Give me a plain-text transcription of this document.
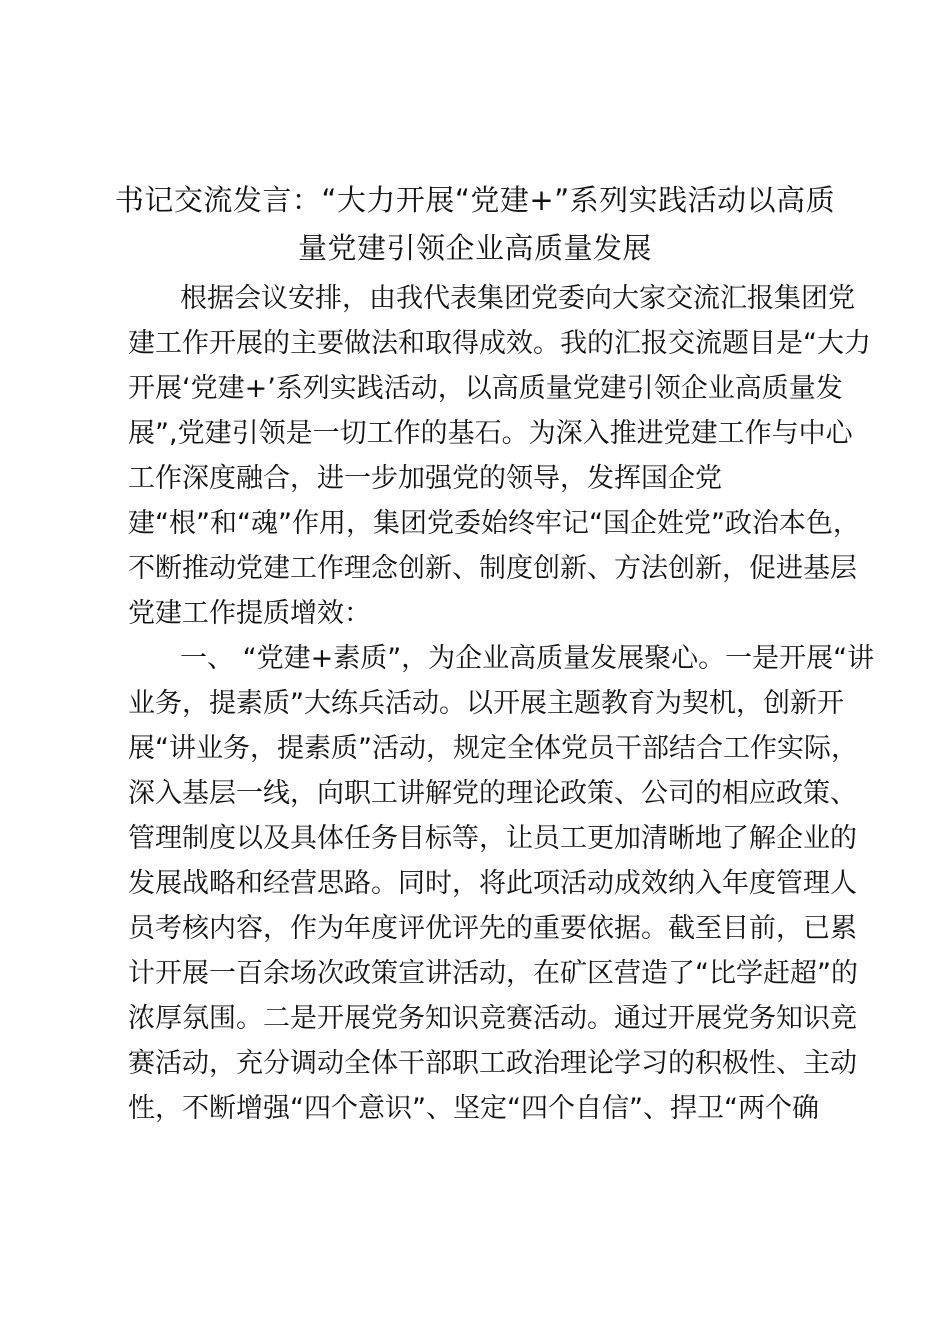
书记交流发言：“大力开展“党建+”系列实践活动以高质
量党建引领企业高质量发展
根据会议安排，由我代表集团党委向大家交流汇报集团党
建工作开展的主要做法和取得成效。我的汇报交流题目是“大力
开展‘党建+’系列实践活动，以高质量党建引领企业高质量发
展”,党建引领是一切工作的基石。为深入推进党建工作与中心
工作深度融合，进一步加强党的领导，发挥国企党
建“根”和“魂”作用，集团党委始终牢记“国企姓党”政治本色，
不断推动党建工作理念创新、制度创新、方法创新，促进基层
党建工作提质增效：
一、 “党建+素质”，为企业高质量发展聚心。一是开展“讲
业务，提素质”大练兵活动。以开展主题教育为契机，创新开
展“讲业务，提素质”活动，规定全体党员干部结合工作实际，
深入基层一线，向职工讲解党的理论政策、公司的相应政策、
管理制度以及具体任务目标等，让员工更加清晰地了解企业的
发展战略和经营思路。同时，将此项活动成效纳入年度管理人
员考核内容，作为年度评优评先的重要依据。截至目前，已累
计开展一百余场次政策宣讲活动，在矿区营造了“比学赶超”的
浓厚氛围。二是开展党务知识竞赛活动。通过开展党务知识竞
赛活动，充分调动全体干部职工政治理论学习的积极性、主动
性，不断增强“四个意识”、坚定“四个自信”、捍卫“两个确
